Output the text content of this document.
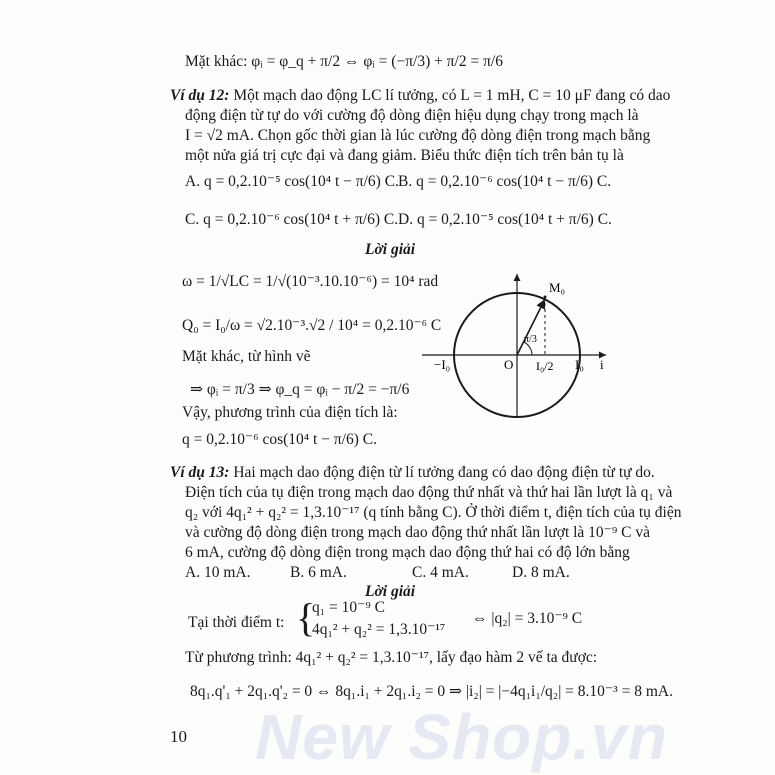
New Shop.vn
Mặt khác: φᵢ = φ_q + π/2 ⇔ φᵢ = (−π/3) + π/2 = π/6
Ví dụ 12: Một mạch dao động LC lí tưởng, có L = 1 mH, C = 10 μF đang có dao
động điện từ tự do với cường độ dòng điện hiệu dụng chạy trong mạch là
I = √2 mA. Chọn gốc thời gian là lúc cường độ dòng điện trong mạch bằng
một nửa giá trị cực đại và đang giảm. Biểu thức điện tích trên bản tụ là
A. q = 0,2.10⁻⁵ cos(10⁴ t − π/6) C. B. q = 0,2.10⁻⁶ cos(10⁴ t − π/6) C.
C. q = 0,2.10⁻⁶ cos(10⁴ t + π/6) C. D. q = 0,2.10⁻⁵ cos(10⁴ t + π/6) C.
Lời giải
ω = 1/√LC = 1/√(10⁻³.10.10⁻⁶) = 10⁴ rad
Q₀ = I₀/ω = √2.10⁻³.√2 / 10⁴ = 0,2.10⁻⁶ C
Mặt khác, từ hình vẽ
⇒ φᵢ = π/3 ⇒ φ_q = φᵢ − π/2 = −π/6
Vậy, phương trình của điện tích là:
q = 0,2.10⁻⁶ cos(10⁴ t − π/6) C.
M₀
π/3
−I₀	O I₀/2 I₀ i
Ví dụ 13: Hai mạch dao động điện từ lí tưởng đang có dao động điện từ tự do.
Điện tích của tụ điện trong mạch dao động thứ nhất và thứ hai lần lượt là q₁ và
q₂ với 4q₁² + q₂² = 1,3.10⁻¹⁷ (q tính bằng C). Ở thời điểm t, điện tích của tụ điện
và cường độ dòng điện trong mạch dao động thứ nhất lần lượt là 10⁻⁹ C và
6 mA, cường độ dòng điện trong mạch dao động thứ hai có độ lớn bằng
A. 10 mA.	B. 6 mA.	C. 4 mA.	D. 8 mA.
Lời giải
Tại thời điểm t: {
q₁ = 10⁻⁹ C
4q₁² + q₂² = 1,3.10⁻¹⁷
⇔ |q₂| = 3.10⁻⁹ C
Từ phương trình: 4q₁² + q₂² = 1,3.10⁻¹⁷, lấy đạo hàm 2 vế ta được:
8q₁.q'₁ + 2q₁.q'₂ = 0 ⇔ 8q₁.i₁ + 2q₁.i₂ = 0 ⇒ |i₂| = |−4q₁i₁/q₂| = 8.10⁻³ = 8 mA.
10
